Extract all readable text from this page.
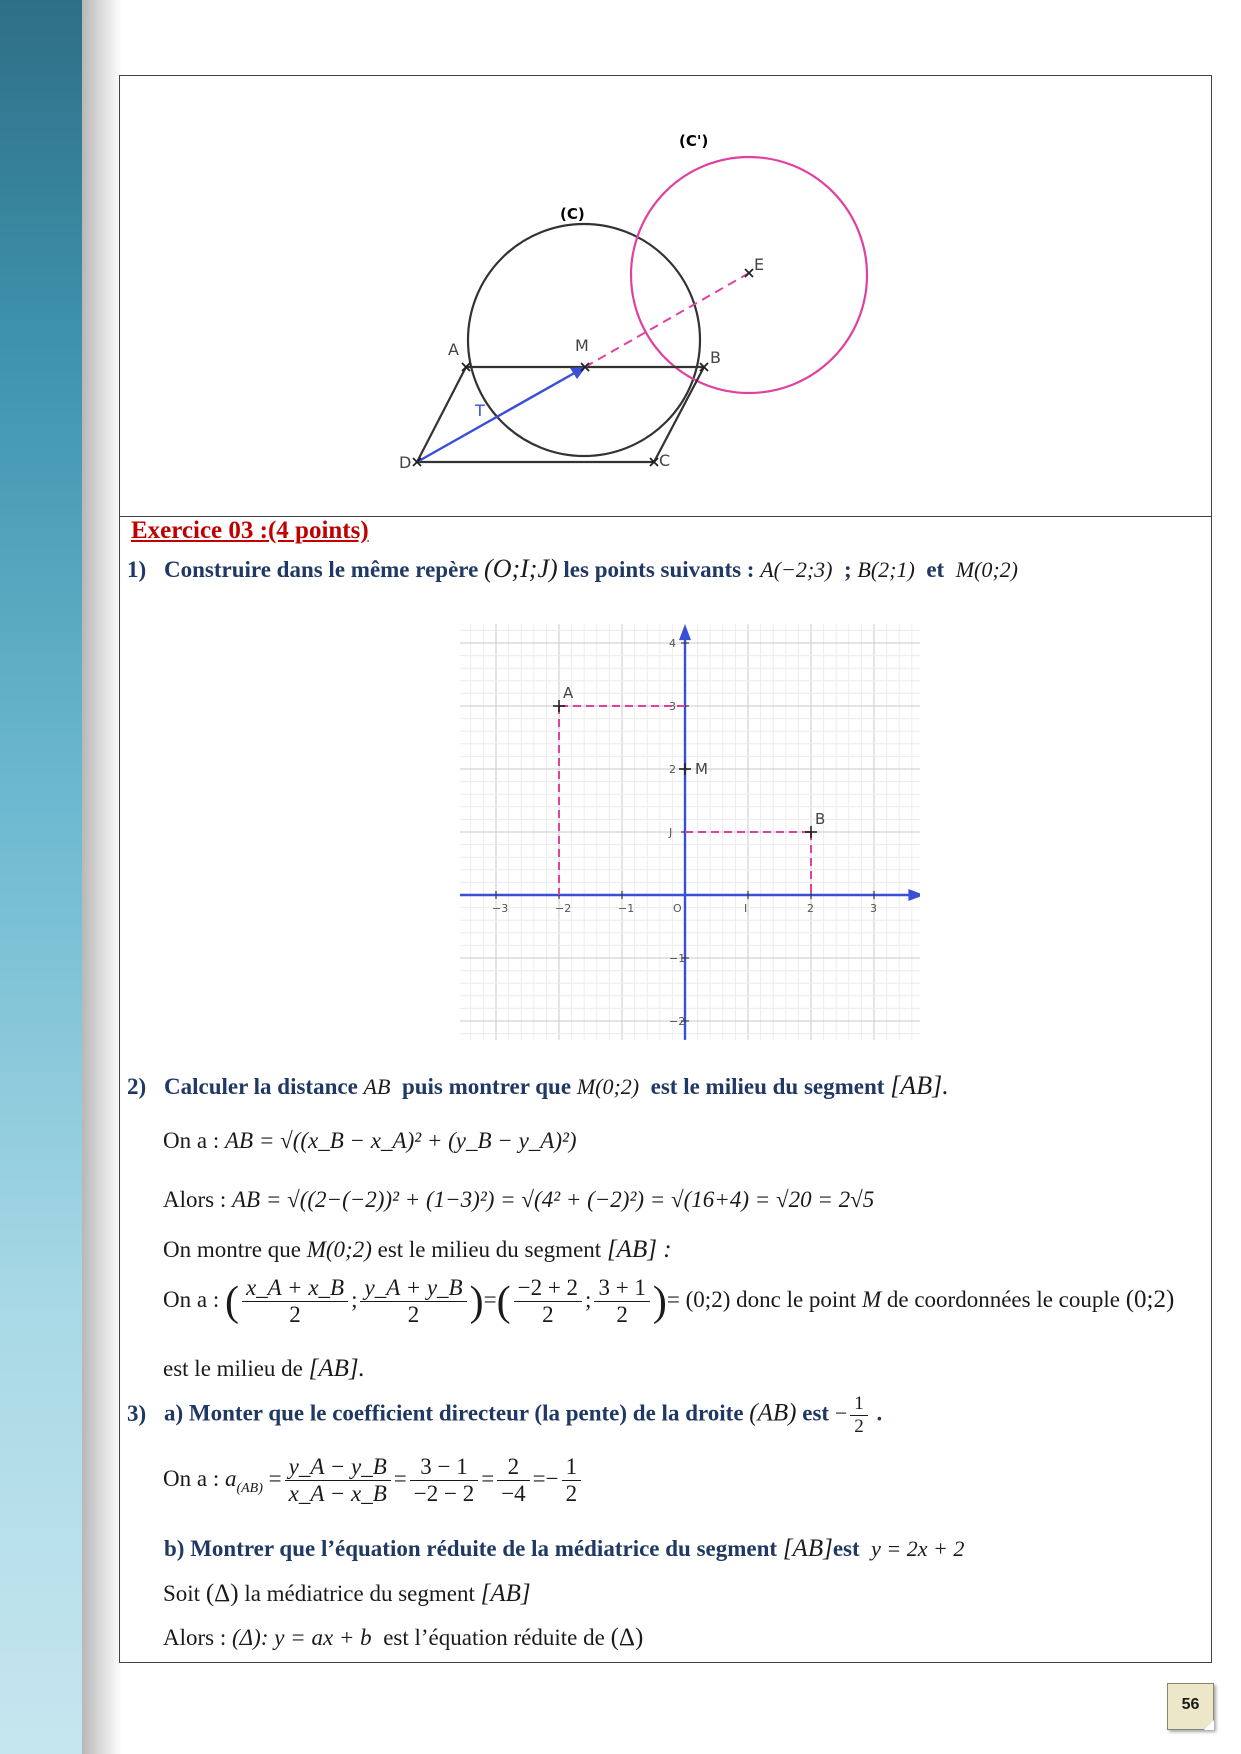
(C)
(C')
A	M
B
E
D	C
T
Exercice 03 :(4 points)
1) Construire dans le même repère (O;I;J) les points suivants : A(−2;3) ; B(2;1) et M(0;2)
−3	−2	−1	O	I	2	3
4
3
2
J
−1
−2
A
B
M
2) Calculer la distance AB puis montrer que M(0;2) est le milieu du segment [AB].
On a : AB = √((x_B − x_A)² + (y_B − y_A)²)
Alors : AB = √((2−(−2))² + (1−3)²) = √(4² + (−2)²) = √(16+4) = √20 = 2√5
On montre que M(0;2) est le milieu du segment [AB] :
On a : ( $\frac{x\_A + x\_B}{2}$ ; $\frac{y\_A + y\_B}{2}$ )=( $\frac{-2 + 2}{2}$ ; $\frac{3 + 1}{2}$ )= (0;2) donc le point M de coordonnées le couple (0;2)
est le milieu de [AB].
3) a) Monter que le coefficient directeur (la pente) de la droite (AB) est − $\frac{1}{2}$ .
On a : $a_{(AB)} = \frac{y\_A - y\_B}{x\_A - x\_B} = \frac{3 - 1}{-2 - 2} = \frac{2}{-4} =- \frac{1}{2}$
b) Montrer que l’équation réduite de la médiatrice du segment [AB]est y = 2x + 2
Soit (Δ) la médiatrice du segment [AB]
Alors : (Δ): y = ax + b est l’équation réduite de (Δ)
56
